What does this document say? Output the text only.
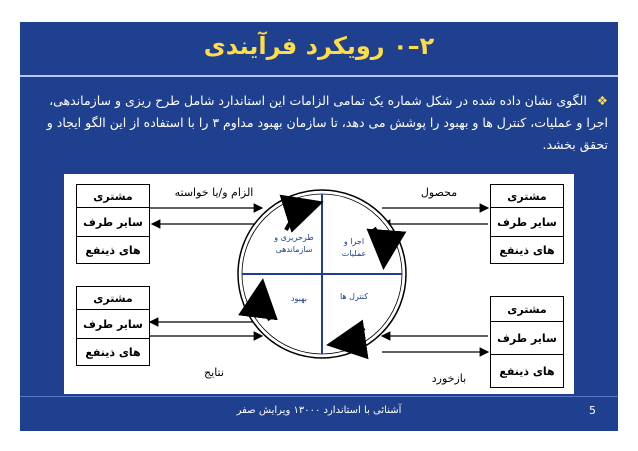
۲–۰ رویکرد فرآیندی
❖ الگوی نشان داده شده در شکل شماره یک تمامی الزامات این استاندارد شامل طرح ریزی و سازماندهی، اجرا و عملیات، کنترل ها و بهبود را پوشش می دهد، تا سازمان بهبود مداوم ۳ را با استفاده از این الگو ایجاد و تحقق بخشد.
مشتری
سایر طرف
های ذینفع
مشتری
سایر طرف
های ذینفع
مشتری
سایر طرف
های ذینفع
مشتری
سایر طرف
های ذینفع
طرحریزی و سازماندهی
اجرا و عملیات
بهبود	کنترل ها
الزام و/یا خواسته	محصول
نتایج	بازخورد
آشنائی با استاندارد ۱۳۰۰۰ ویرایش صفر	5
